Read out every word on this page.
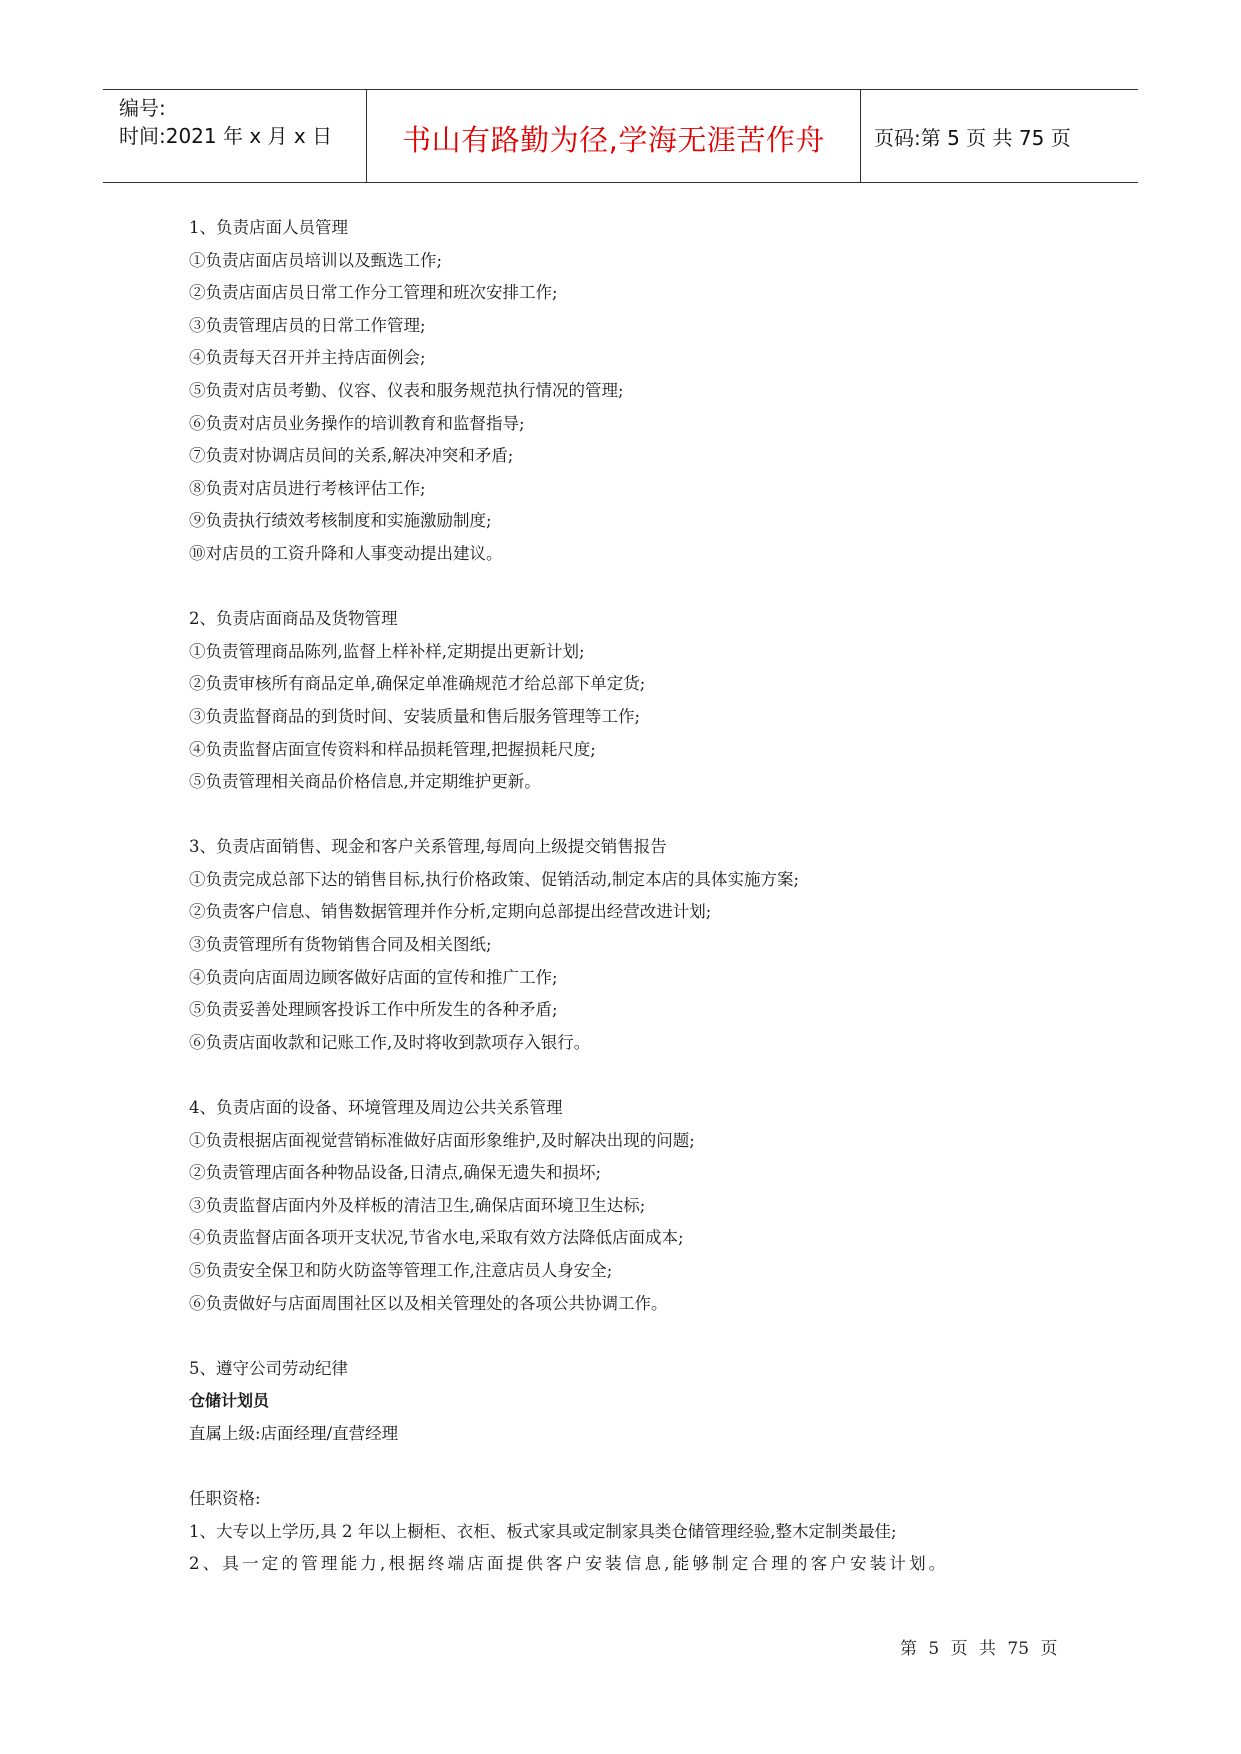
编号:
时间:2021 年 x 月 x 日 书山有路勤为径,学海无涯苦作舟 页码:第 5 页 共 75 页
1、负责店面人员管理
①负责店面店员培训以及甄选工作;
②负责店面店员日常工作分工管理和班次安排工作;
③负责管理店员的日常工作管理;
④负责每天召开并主持店面例会;
⑤负责对店员考勤、仪容、仪表和服务规范执行情况的管理;
⑥负责对店员业务操作的培训教育和监督指导;
⑦负责对协调店员间的关系,解决冲突和矛盾;
⑧负责对店员进行考核评估工作;
⑨负责执行绩效考核制度和实施激励制度;
⑩对店员的工资升降和人事变动提出建议。
2、负责店面商品及货物管理
①负责管理商品陈列,监督上样补样,定期提出更新计划;
②负责审核所有商品定单,确保定单准确规范才给总部下单定货;
③负责监督商品的到货时间、安装质量和售后服务管理等工作;
④负责监督店面宣传资料和样品损耗管理,把握损耗尺度;
⑤负责管理相关商品价格信息,并定期维护更新。
3、负责店面销售、现金和客户关系管理,每周向上级提交销售报告
①负责完成总部下达的销售目标,执行价格政策、促销活动,制定本店的具体实施方案;
②负责客户信息、销售数据管理并作分析,定期向总部提出经营改进计划;
③负责管理所有货物销售合同及相关图纸;
④负责向店面周边顾客做好店面的宣传和推广工作;
⑤负责妥善处理顾客投诉工作中所发生的各种矛盾;
⑥负责店面收款和记账工作,及时将收到款项存入银行。
4、负责店面的设备、环境管理及周边公共关系管理
①负责根据店面视觉营销标准做好店面形象维护,及时解决出现的问题;
②负责管理店面各种物品设备,日清点,确保无遗失和损坏;
③负责监督店面内外及样板的清洁卫生,确保店面环境卫生达标;
④负责监督店面各项开支状况,节省水电,采取有效方法降低店面成本;
⑤负责安全保卫和防火防盗等管理工作,注意店员人身安全;
⑥负责做好与店面周围社区以及相关管理处的各项公共协调工作。
5、遵守公司劳动纪律
仓储计划员
直属上级:店面经理/直营经理
任职资格:
1、大专以上学历,具 2 年以上橱柜、衣柜、板式家具或定制家具类仓储管理经验,整木定制类最佳;
2、具一定的管理能力,根据终端店面提供客户安装信息,能够制定合理的客户安装计划。
第 5 页 共 75 页
